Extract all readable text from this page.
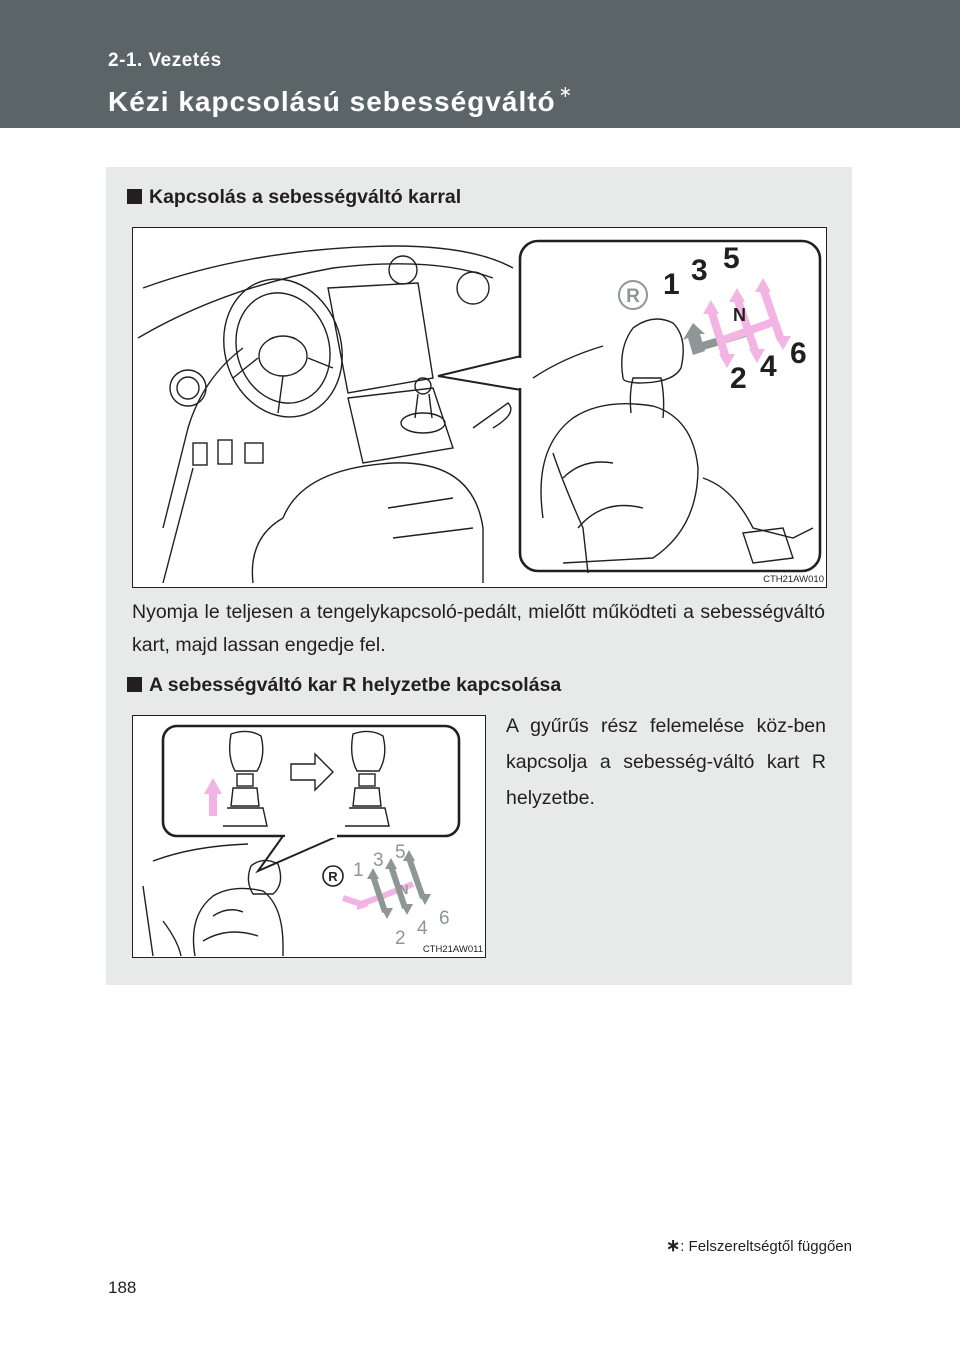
2-1. Vezetés
Kézi kapcsolású sebességváltó ∗
Kapcsolás a sebességváltó karral
R 1 3 5
N
2 4 6
CTH21AW010
Nyomja le teljesen a tengelykapcsoló-pedált, mielőtt működteti a sebességváltó kart, majd lassan engedje fel.
A sebességváltó kar R helyzetbe kapcsolása
R 1 3 5
N
2 4 6
CTH21AW011
A gyűrűs rész felemelése köz-ben kapcsolja a sebesség-váltó kart R helyzetbe.
∗: Felszereltségtől függően
188
